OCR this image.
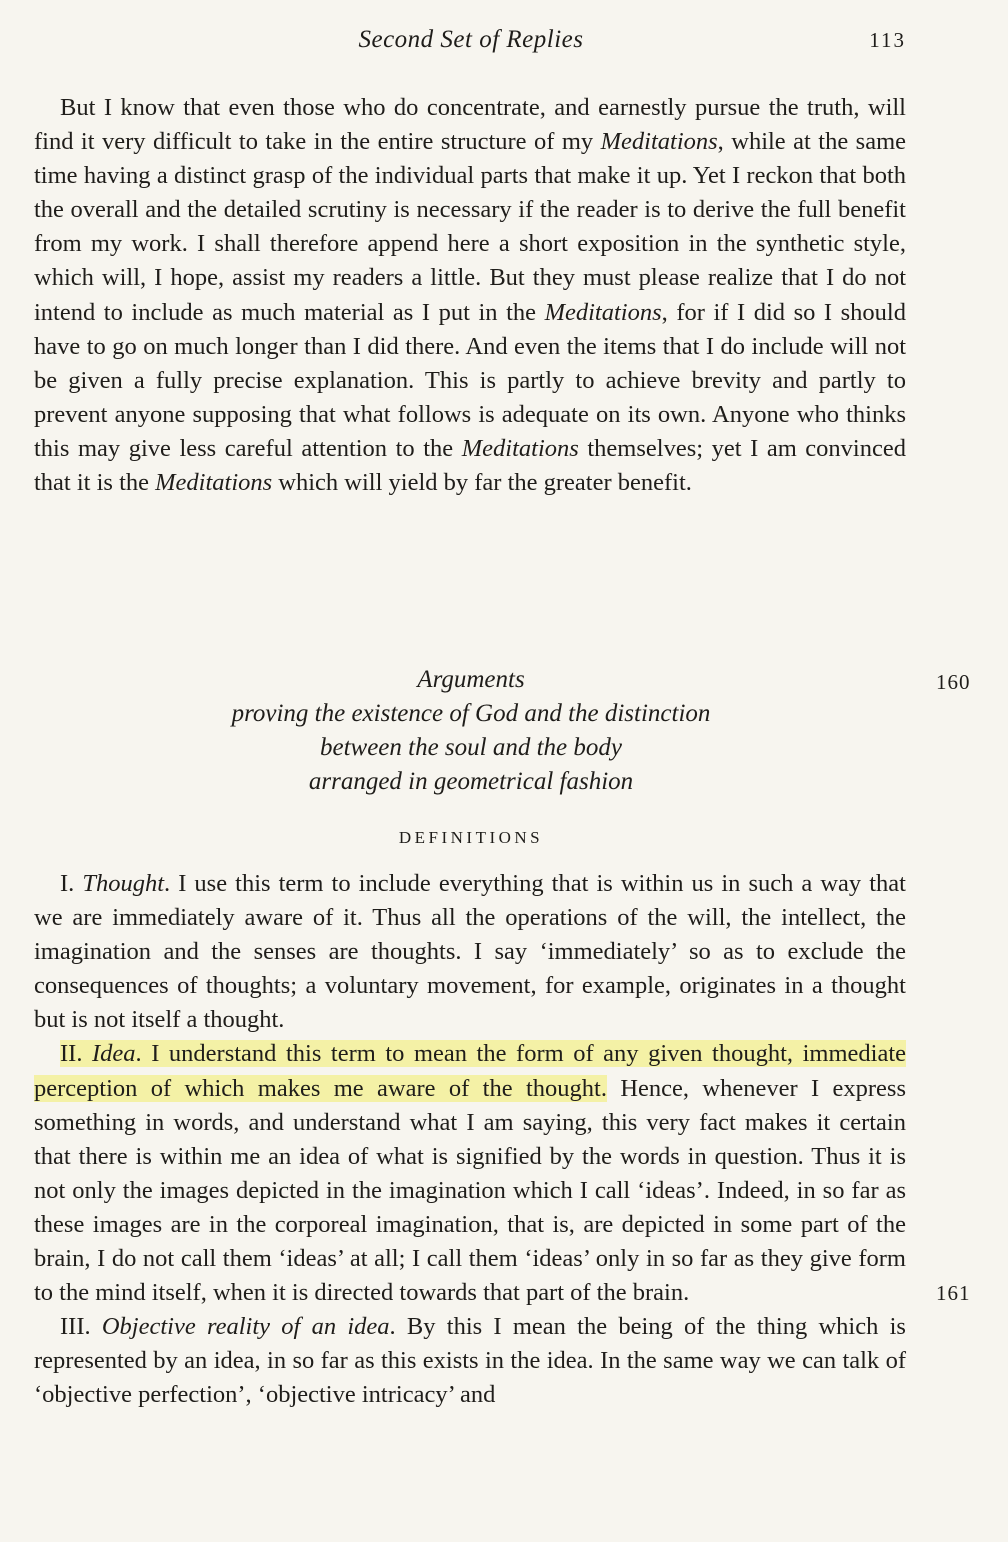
Second Set of Replies	113

But I know that even those who do concentrate, and earnestly pursue the truth, will find it very difficult to take in the entire structure of my Meditations, while at the same time having a distinct grasp of the individual parts that make it up. Yet I reckon that both the overall and the detailed scrutiny is necessary if the reader is to derive the full benefit from my work. I shall therefore append here a short exposition in the synthetic style, which will, I hope, assist my readers a little. But they must please realize that I do not intend to include as much material as I put in the Meditations, for if I did so I should have to go on much longer than I did there. And even the items that I do include will not be given a fully precise explanation. This is partly to achieve brevity and partly to prevent anyone supposing that what follows is adequate on its own. Anyone who thinks this may give less careful attention to the Meditations themselves; yet I am convinced that it is the Meditations which will yield by far the greater benefit.

Arguments
proving the existence of God and the distinction
between the soul and the body
arranged in geometrical fashion
160
161
DEFINITIONS

I. Thought. I use this term to include everything that is within us in such a way that we are immediately aware of it. Thus all the operations of the will, the intellect, the imagination and the senses are thoughts. I say ‘immediately’ so as to exclude the consequences of thoughts; a voluntary movement, for example, originates in a thought but is not itself a thought.

II. Idea. I understand this term to mean the form of any given thought, immediate perception of which makes me aware of the thought. Hence, whenever I express something in words, and understand what I am saying, this very fact makes it certain that there is within me an idea of what is signified by the words in question. Thus it is not only the images depicted in the imagination which I call ‘ideas’. Indeed, in so far as these images are in the corporeal imagination, that is, are depicted in some part of the brain, I do not call them ‘ideas’ at all; I call them ‘ideas’ only in so far as they give form to the mind itself, when it is directed towards that part of the brain.

III. Objective reality of an idea. By this I mean the being of the thing which is represented by an idea, in so far as this exists in the idea. In the same way we can talk of ‘objective perfection’, ‘objective intricacy’ and
